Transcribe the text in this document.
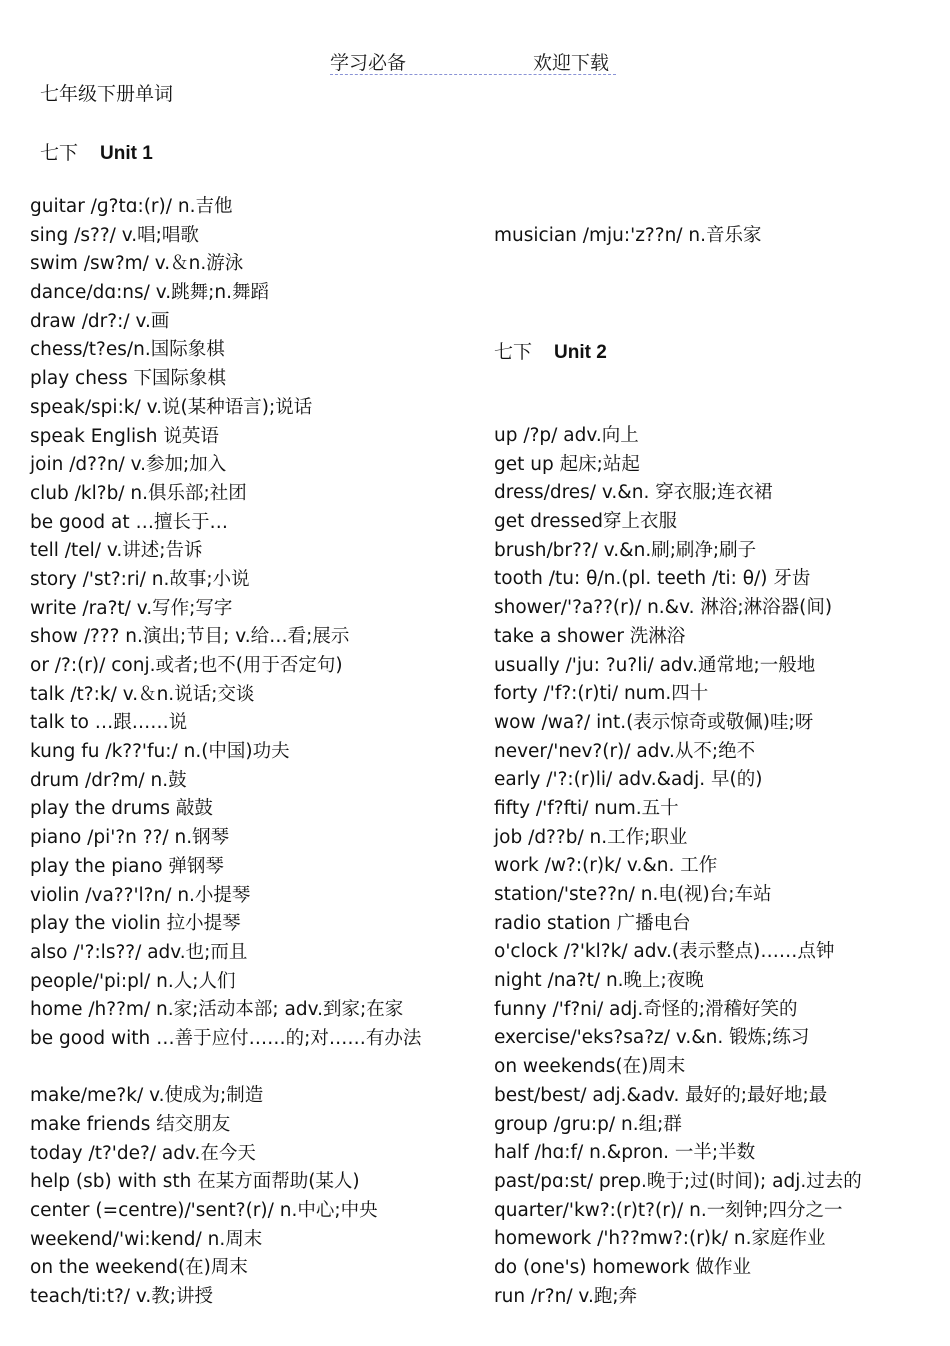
学习必备	欢迎下载
七年级下册单词
七下 Unit 1
guitar /ɡ?tɑ:(r)/ n.吉他
sing /s??/ v.唱;唱歌
swim /sw?m/ v.＆n.游泳
dance/dɑ:ns/ v.跳舞;n.舞蹈
draw /dr?:/ v.画
chess/t?es/n.国际象棋
play chess 下国际象棋
speak/spi:k/ v.说(某种语言);说话
speak English 说英语
join /d??n/ v.参加;加入
club /kl?b/ n.俱乐部;社团
be good at …擅长于…
tell /tel/ v.讲述;告诉
story /'st?:ri/ n.故事;小说
write /ra?t/ v.写作;写字
show /??? n.演出;节目; v.给…看;展示
or /?:(r)/ conj.或者;也不(用于否定句)
talk /t?:k/ v.＆n.说话;交谈
talk to …跟……说
kung fu /k??'fu:/ n.(中国)功夫
drum /dr?m/ n.鼓
play the drums 敲鼓
piano /pi'?n ??/ n.钢琴
play the piano 弹钢琴
violin /va??'l?n/ n.小提琴
play the violin 拉小提琴
also /'?:ls??/ adv.也;而且
people/'pi:pl/ n.人;人们
home /h??m/ n.家;活动本部; adv.到家;在家
be good with …善于应付……的;对……有办法
make/me?k/ v.使成为;制造
make friends 结交朋友
today /t?'de?/ adv.在今天
help (sb) with sth 在某方面帮助(某人)
center (=centre)/'sent?(r)/ n.中心;中央
weekend/'wi:kend/ n.周末
on the weekend(在)周末
teach/ti:t?/ v.教;讲授
musician /mju:'z??n/ n.音乐家
七下 Unit 2
up /?p/ adv.向上
get up 起床;站起
dress/dres/ v.&n. 穿衣服;连衣裙
get dressed穿上衣服
brush/br??/ v.&n.刷;刷净;刷子
tooth /tu: θ/n.(pl. teeth /ti: θ/) 牙齿
shower/'?a??(r)/ n.&v. 淋浴;淋浴器(间)
take a shower 洗淋浴
usually /'ju: ?u?li/ adv.通常地;一般地
forty /'f?:(r)ti/ num.四十
wow /wa?/ int.(表示惊奇或敬佩)哇;呀
never/'nev?(r)/ adv.从不;绝不
early /'?:(r)li/ adv.&adj. 早(的)
fifty /'f?fti/ num.五十
job /d??b/ n.工作;职业
work /w?:(r)k/ v.&n. 工作
station/'ste??n/ n.电(视)台;车站
radio station 广播电台
o'clock /?'kl?k/ adv.(表示整点)……点钟
night /na?t/ n.晚上;夜晚
funny /'f?ni/ adj.奇怪的;滑稽好笑的
exercise/'eks?sa?z/ v.&n. 锻炼;练习
on weekends(在)周末
best/best/ adj.&adv. 最好的;最好地;最
group /ɡru:p/ n.组;群
half /hɑ:f/ n.&pron. 一半;半数
past/pɑ:st/ prep.晚于;过(时间); adj.过去的
quarter/'kw?:(r)t?(r)/ n.一刻钟;四分之一
homework /'h??mw?:(r)k/ n.家庭作业
do (one's) homework 做作业
run /r?n/ v.跑;奔
